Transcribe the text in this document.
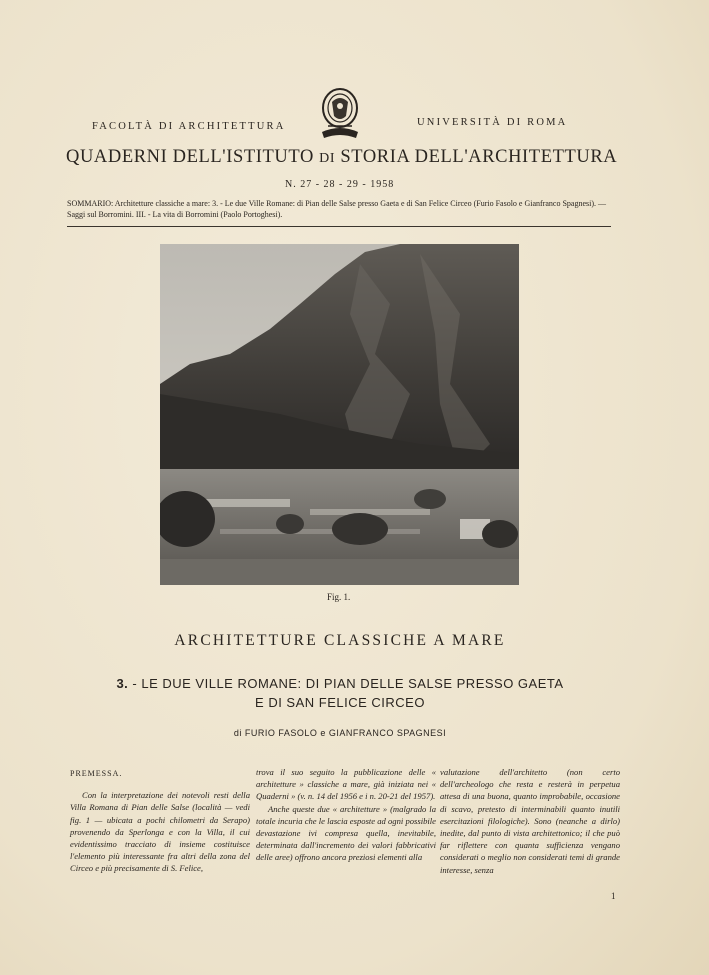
FACOLTÀ DI ARCHITETTURA	UNIVERSITÀ DI ROMA
QUADERNI DELL'ISTITUTO DI STORIA DELL'ARCHITETTURA
N. 27 - 28 - 29 - 1958
SOMMARIO: Architetture classiche a mare: 3. - Le due Ville Romane: di Pian delle Salse presso Gaeta e di San Felice Circeo (Furio Fasolo e Gianfranco Spagnesi). — Saggi sul Borromini. III. - La vita di Borromini (Paolo Portoghesi).
Fig. 1.
ARCHITETTURE CLASSICHE A MARE
3. - LE DUE VILLE ROMANE: DI PIAN DELLE SALSE PRESSO GAETA
E DI SAN FELICE CIRCEO
di FURIO FASOLO e GIANFRANCO SPAGNESI

PREMESSA.

Con la interpretazione dei notevoli resti della Villa Romana di Pian delle Salse (località — vedi fig. 1 — ubicata a pochi chilometri da Serapo) provenendo da Sperlonga e con la Villa, il cui evidentissimo tracciato di insieme costituisce l'elemento più interessante fra altri della zona del Circeo e più precisamente di S. Felice,

trova il suo seguito la pubblicazione delle « architetture » classiche a mare, già iniziata nei « Quaderni » (v. n. 14 del 1956 e i n. 20-21 del 1957).

Anche queste due « architetture » (malgrado la totale incuria che le lascia esposte ad ogni possibile devastazione ivi compresa quella, inevitabile, determinata dall'incremento dei valori fabbricativi delle aree) offrono ancora preziosi elementi alla

valutazione dell'architetto (non certo dell'archeologo che resta e resterà in perpetua attesa di una buona, quanto improbabile, occasione di scavo, pretesto di interminabili quanto inutili esercitazioni filologiche). Sono (neanche a dirlo) inedite, dal punto di vista architettonico; il che può far riflettere con quanta sufficienza vengano considerati o meglio non considerati temi di grande interesse, senza

1
